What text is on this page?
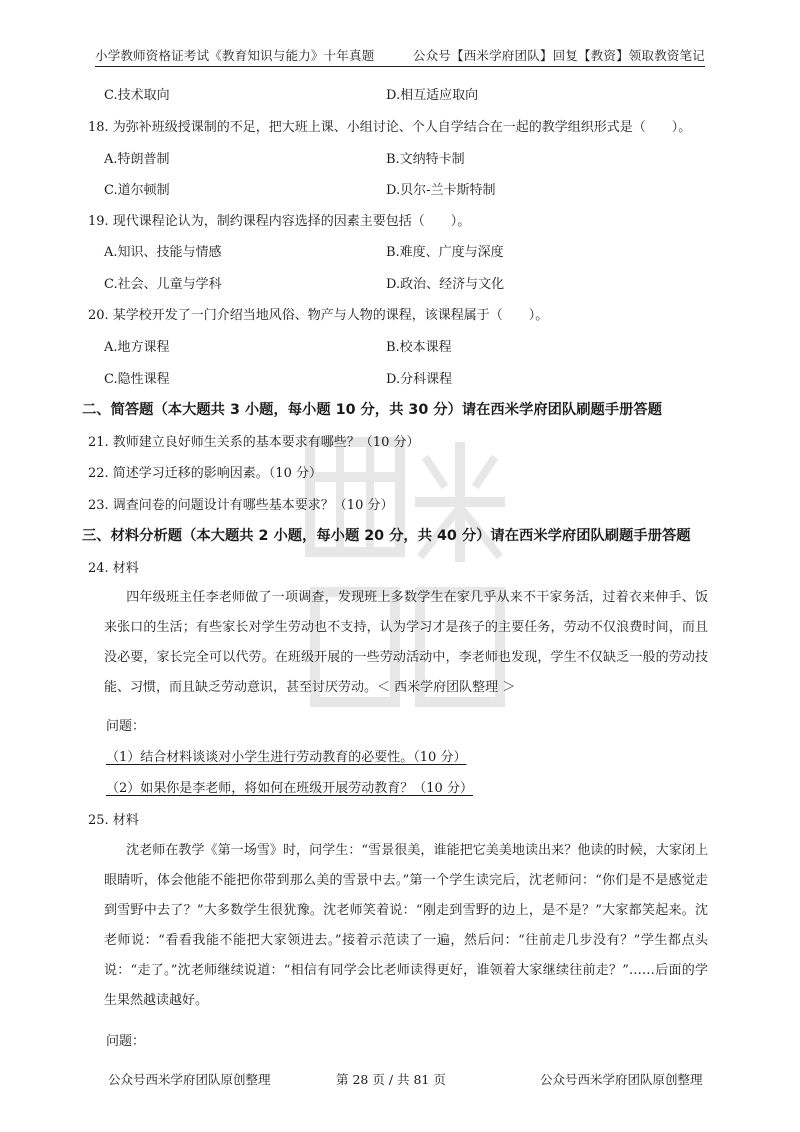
小学教师资格证考试《教育知识与能力》十年真题	公众号【西米学府团队】回复【教资】领取教资笔记
C.技术取向	D.相互适应取向
18. 为弥补班级授课制的不足，把大班上课、小组讨论、个人自学结合在一起的教学组织形式是（　　）。
A.特朗普制	B.文纳特卡制
C.道尔顿制	D.贝尔-兰卡斯特制
19. 现代课程论认为，制约课程内容选择的因素主要包括（　　）。
A.知识、技能与情感	B.难度、广度与深度
C.社会、儿童与学科	D.政治、经济与文化
20. 某学校开发了一门介绍当地风俗、物产与人物的课程，该课程属于（　　）。
A.地方课程	B.校本课程
C.隐性课程	D.分科课程
二、简答题（本大题共 3 小题，每小题 10 分，共 30 分）请在西米学府团队刷题手册答题
21. 教师建立良好师生关系的基本要求有哪些？（10 分）
22. 简述学习迁移的影响因素。（10 分）
23. 调查问卷的问题设计有哪些基本要求？（10 分）
三、材料分析题（本大题共 2 小题，每小题 20 分，共 40 分）请在西米学府团队刷题手册答题
24. 材料
四年级班主任李老师做了一项调查，发现班上多数学生在家几乎从来不干家务活，过着衣来伸手、饭来张口的生活；有些家长对学生劳动也不支持，认为学习才是孩子的主要任务，劳动不仅浪费时间，而且没必要，家长完全可以代劳。在班级开展的一些劳动活动中，李老师也发现，学生不仅缺乏一般的劳动技能、习惯，而且缺乏劳动意识，甚至讨厌劳动。＜ 西米学府团队整理 ＞
问题：
（1）结合材料谈谈对小学生进行劳动教育的必要性。（10 分）
（2）如果你是李老师，将如何在班级开展劳动教育？（10 分）
25. 材料
沈老师在教学《第一场雪》时，问学生：“雪景很美，谁能把它美美地读出来？他读的时候，大家闭上眼睛听，体会他能不能把你带到那么美的雪景中去。”第一个学生读完后，沈老师问：“你们是不是感觉走到雪野中去了？”大多数学生很犹豫。沈老师笑着说：“刚走到雪野的边上，是不是？”大家都笑起来。沈老师说：“看看我能不能把大家领进去。”接着示范读了一遍，然后问：“往前走几步没有？”学生都点头说：“走了。”沈老师继续说道：“相信有同学会比老师读得更好，谁领着大家继续往前走？”……后面的学生果然越读越好。
问题：
公众号西米学府团队原创整理	第 28 页 / 共 81 页	公众号西米学府团队原创整理
